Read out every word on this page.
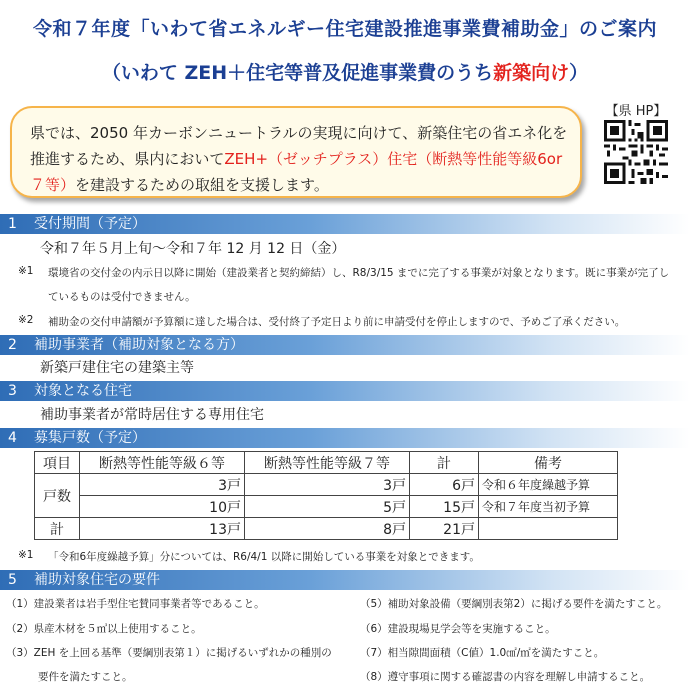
令和７年度「いわて省エネルギー住宅建設推進事業費補助金」のご案内
（いわて ZEH＋住宅等普及促進事業費のうち新築向け）
県では、2050 年カーボンニュートラルの実現に向けて、新築住宅の省エネ化を推進するため、県内においてZEH+（ゼッチプラス）住宅（断熱等性能等級6or７等）を建設するための取組を支援します。
【県 HP】
1 受付期間（予定）
令和７年５月上旬～令和７年 12 月 12 日（金）
※1 環境省の交付金の内示日以降に開始（建設業者と契約締結）し、R8/3/15 までに完了する事業が対象となります。既に事業が完了し
ているものは受付できません。
※2 補助金の交付申請額が予算額に達した場合は、受付終了予定日より前に申請受付を停止しますので、予めご了承ください。
2 補助事業者（補助対象となる方）
新築戸建住宅の建築主等
3 対象となる住宅
補助事業者が常時居住する専用住宅
4 募集戸数（予定）
項目	断熱等性能等級６等	断熱等性能等級７等	計	備考
戸数	3戸	3戸	6戸	令和６年度繰越予算
	10戸	5戸	15戸	令和７年度当初予算
計	13戸	8戸	21戸	
※1 「令和6年度繰越予算」分については、R6/4/1 以降に開始している事業を対象とできます。
5 補助対象住宅の要件
（1）建設業者は岩手型住宅賛同事業者等であること。
（2）県産木材を５㎥以上使用すること。
（3）ZEH を上回る基準（要綱別表第１）に掲げるいずれかの種別の
要件を満たすこと。
（5）補助対象設備（要綱別表第2）に掲げる要件を満たすこと。
（6）建設現場見学会等を実施すること。
（7）相当隙間面積（C値）1.0㎠/㎡を満たすこと。
（8）遵守事項に関する確認書の内容を理解し申請すること。
